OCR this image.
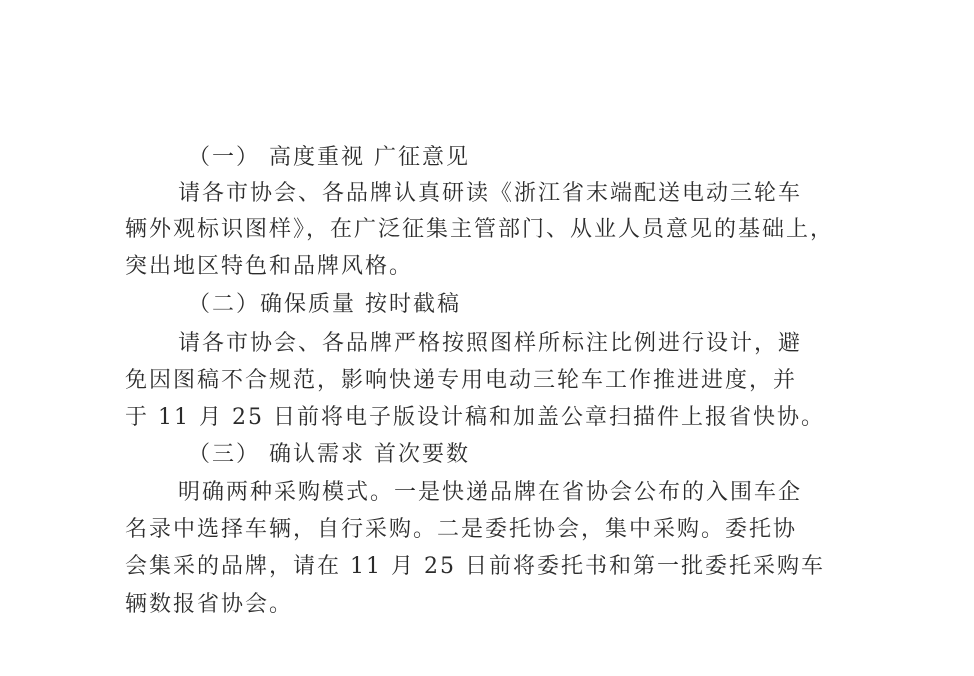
（一） 高度重视 广征意见
请各市协会、各品牌认真研读《浙江省末端配送电动三轮车
辆外观标识图样》，在广泛征集主管部门、从业人员意见的基础上，
突出地区特色和品牌风格。
（二）确保质量 按时截稿
请各市协会、各品牌严格按照图样所标注比例进行设计，避
免因图稿不合规范，影响快递专用电动三轮车工作推进进度，并
于 11 月 25 日前将电子版设计稿和加盖公章扫描件上报省快协。
（三） 确认需求 首次要数
明确两种采购模式。一是快递品牌在省协会公布的入围车企
名录中选择车辆，自行采购。二是委托协会，集中采购。委托协
会集采的品牌，请在 11 月 25 日前将委托书和第一批委托采购车
辆数报省协会。
